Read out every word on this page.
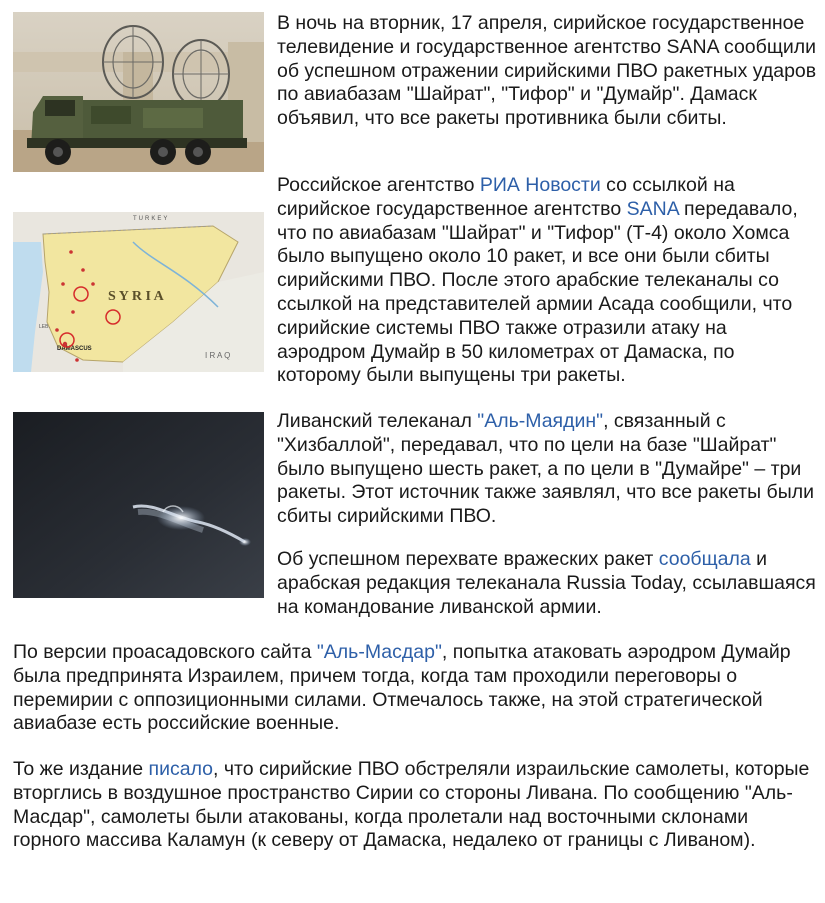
TURKEY
S Y R I A
I R A Q
LEB.
DAMASCUS

В ночь на вторник, 17 апреля, сирийское государственное телевидение и государственное агентство SANA сообщили об успешном отражении сирийскими ПВО ракетных ударов по авиабазам "Шайрат", "Тифор" и "Думайр". Дамаск объявил, что все ракеты противника были сбиты.

Российское агентство РИА Новости со ссылкой на сирийское государственное агентство SANA передавало, что по авиабазам "Шайрат" и "Тифор" (Т-4) около Хомса было выпущено около 10 ракет, и все они были сбиты сирийскими ПВО. После этого арабские телеканалы со ссылкой на представителей армии Асада сообщили, что сирийские системы ПВО также отразили атаку на аэродром Думайр в 50 километрах от Дамаска, по которому были выпущены три ракеты.

Ливанский телеканал "Аль-Маядин", связанный с "Хизбаллой", передавал, что по цели на базе "Шайрат" было выпущено шесть ракет, а по цели в "Думайре" – три ракеты. Этот источник также заявлял, что все ракеты были сбиты сирийскими ПВО.

Об успешном перехвате вражеских ракет сообщала и арабская редакция телеканала Russia Today, ссылавшаяся на командование ливанской армии.

По версии проасадовского сайта "Аль-Масдар", попытка атаковать аэродром Думайр была предпринята Израилем, причем тогда, когда там проходили переговоры о перемирии с оппозиционными силами. Отмечалось также, на этой стратегической авиабазе есть российские военные.

То же издание писало, что сирийские ПВО обстреляли израильские самолеты, которые вторглись в воздушное пространство Сирии со стороны Ливана. По сообщению "Аль-Масдар", самолеты были атакованы, когда пролетали над восточными склонами горного массива Каламун (к северу от Дамаска, недалеко от границы с Ливаном).
